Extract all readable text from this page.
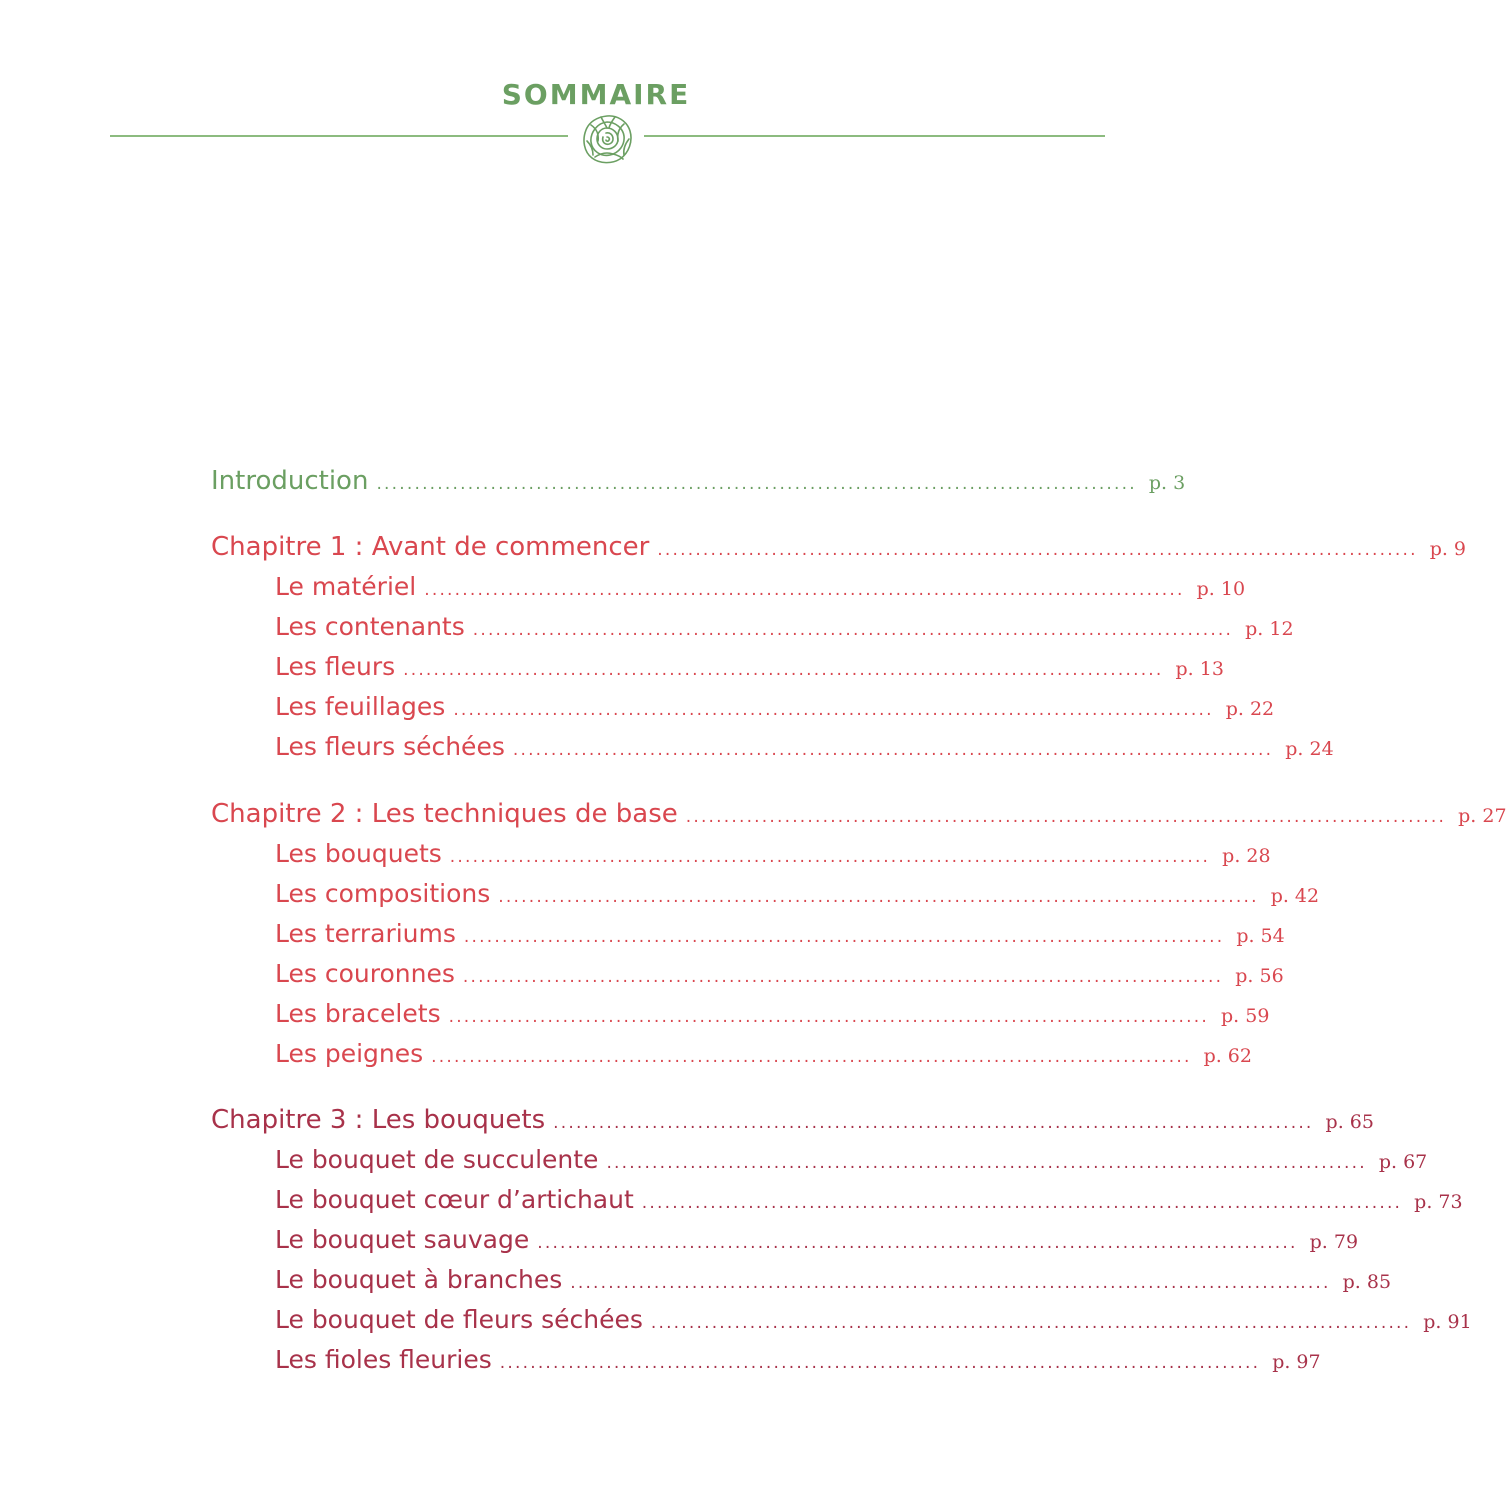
SOMMAIRE
Introduction .................................................................................................... p. 3
Chapitre 1 : Avant de commencer .................................................................................................... p. 9
Le matériel .................................................................................................... p. 10
Les contenants .................................................................................................... p. 12
Les fleurs .................................................................................................... p. 13
Les feuillages .................................................................................................... p. 22
Les fleurs séchées .................................................................................................... p. 24
Chapitre 2 : Les techniques de base .................................................................................................... p. 27
Les bouquets .................................................................................................... p. 28
Les compositions .................................................................................................... p. 42
Les terrariums .................................................................................................... p. 54
Les couronnes .................................................................................................... p. 56
Les bracelets .................................................................................................... p. 59
Les peignes .................................................................................................... p. 62
Chapitre 3 : Les bouquets .................................................................................................... p. 65
Le bouquet de succulente .................................................................................................... p. 67
Le bouquet cœur d’artichaut .................................................................................................... p. 73
Le bouquet sauvage .................................................................................................... p. 79
Le bouquet à branches .................................................................................................... p. 85
Le bouquet de fleurs séchées .................................................................................................... p. 91
Les fioles fleuries .................................................................................................... p. 97
